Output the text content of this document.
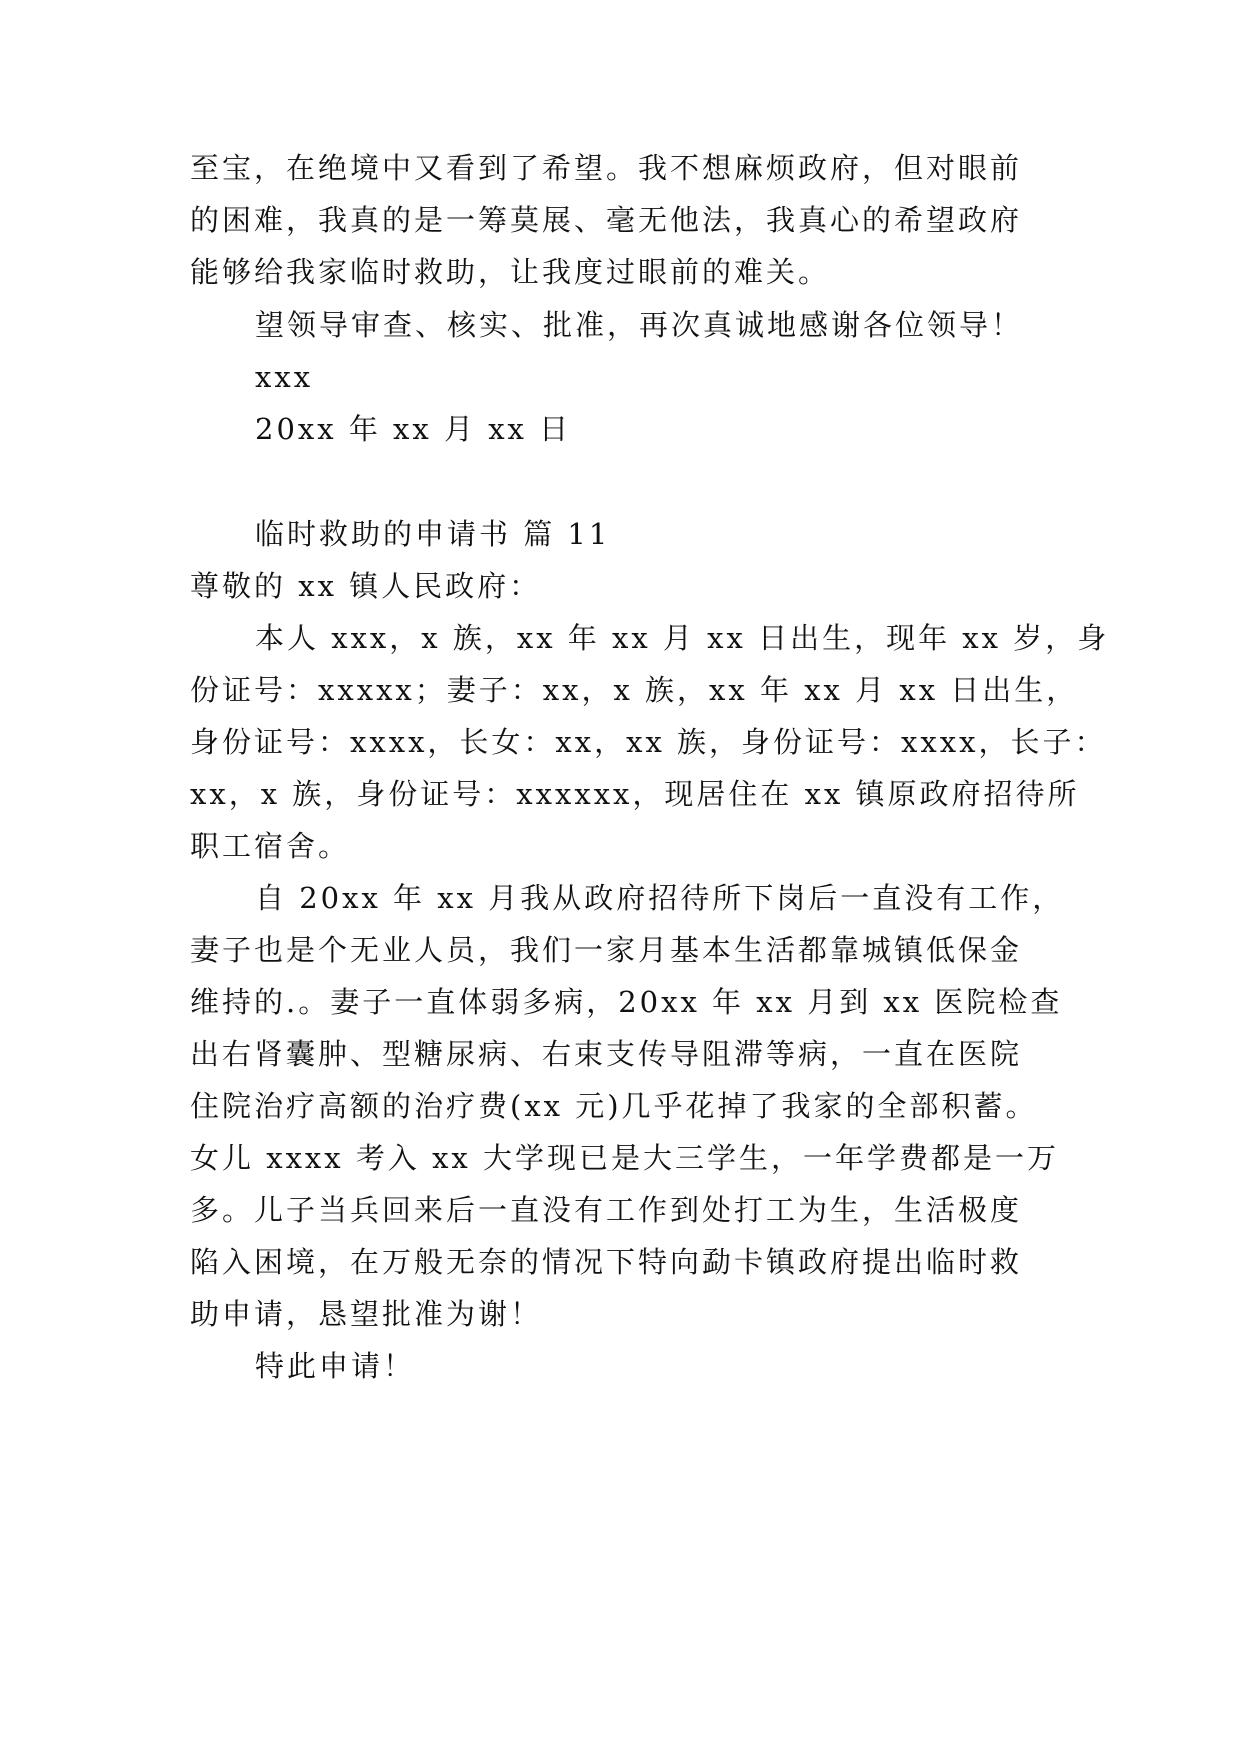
至宝，在绝境中又看到了希望。我不想麻烦政府，但对眼前
的困难，我真的是一筹莫展、毫无他法，我真心的希望政府
能够给我家临时救助，让我度过眼前的难关。
望领导审查、核实、批准，再次真诚地感谢各位领导！
xxx
20xx 年 xx 月 xx 日
临时救助的申请书 篇 11
尊敬的 xx 镇人民政府：
本人 xxx，x 族，xx 年 xx 月 xx 日出生，现年 xx 岁，身
份证号：xxxxx；妻子：xx，x 族，xx 年 xx 月 xx 日出生，
身份证号：xxxx，长女：xx，xx 族，身份证号：xxxx，长子：
xx，x 族，身份证号：xxxxxx，现居住在 xx 镇原政府招待所
职工宿舍。
自 20xx 年 xx 月我从政府招待所下岗后一直没有工作，
妻子也是个无业人员，我们一家月基本生活都靠城镇低保金
维持的.。妻子一直体弱多病，20xx 年 xx 月到 xx 医院检查
出右肾囊肿、型糖尿病、右束支传导阻滞等病，一直在医院
住院治疗高额的治疗费(xx 元)几乎花掉了我家的全部积蓄。
女儿 xxxx 考入 xx 大学现已是大三学生，一年学费都是一万
多。儿子当兵回来后一直没有工作到处打工为生，生活极度
陷入困境，在万般无奈的情况下特向勐卡镇政府提出临时救
助申请，恳望批准为谢！
特此申请！
